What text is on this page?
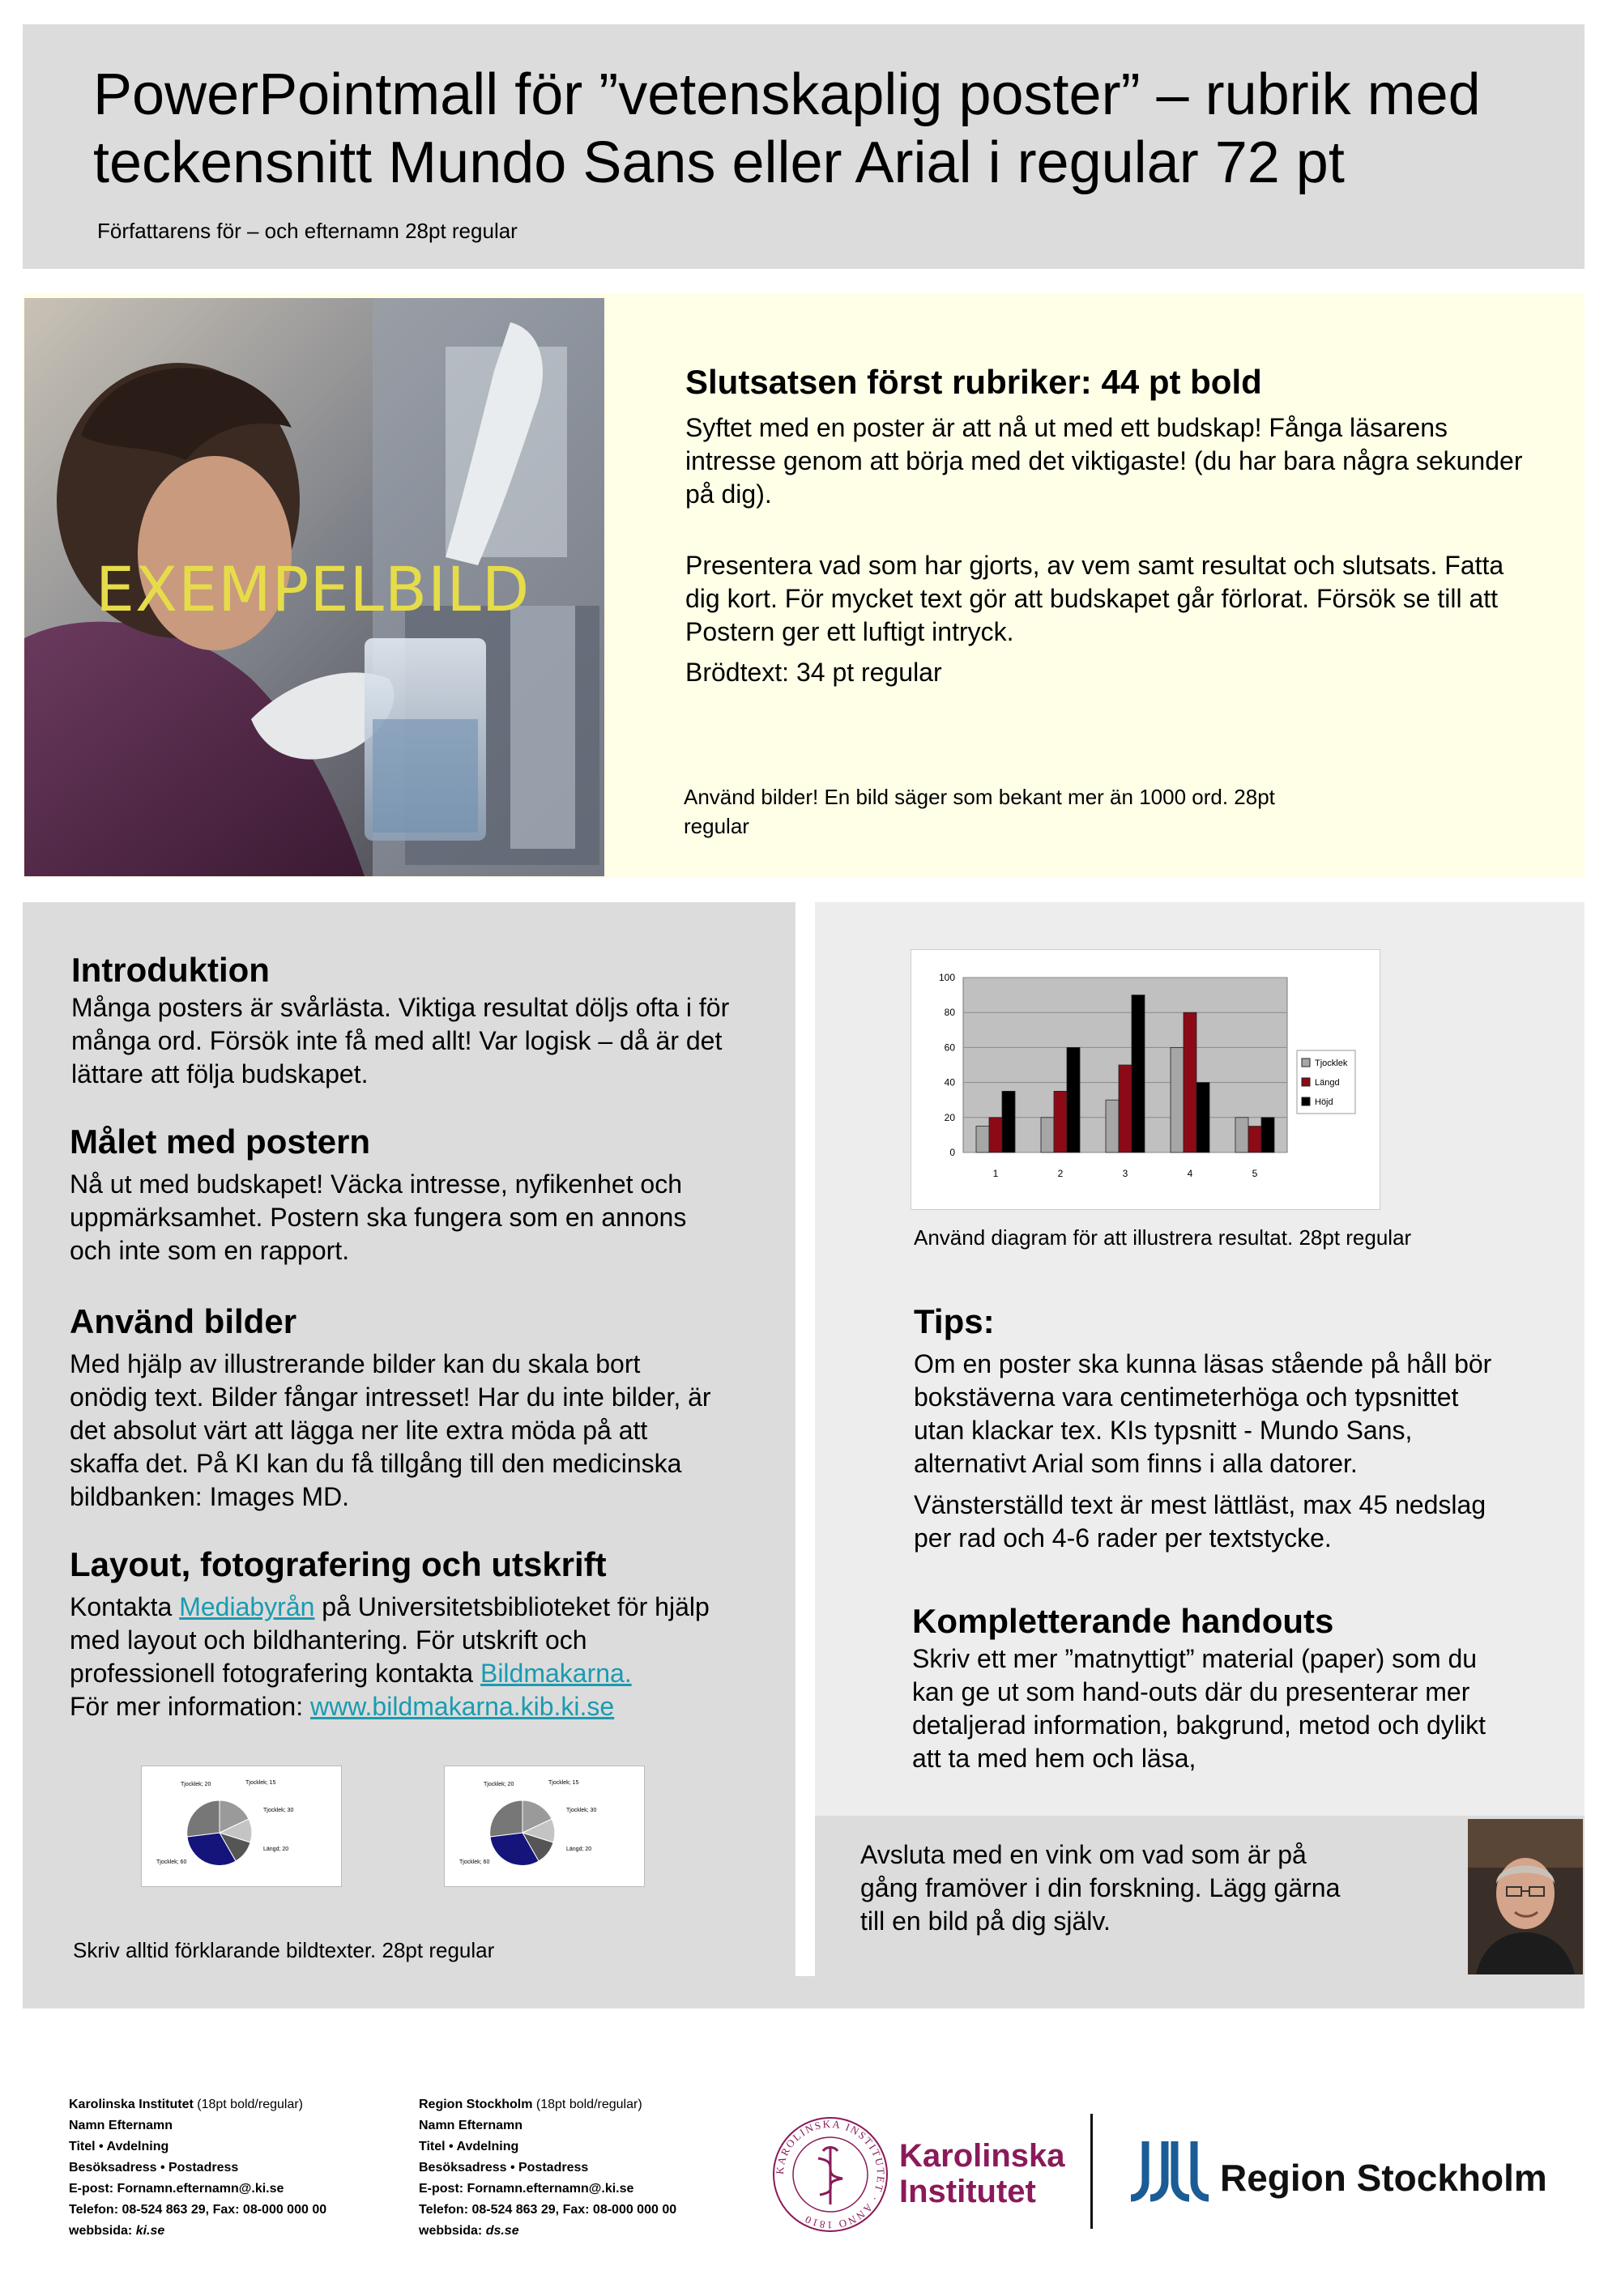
PowerPointmall för ”vetenskaplig poster” – rubrik med teckensnitt Mundo Sans eller Arial i regular 72 pt
Författarens för – och efternamn 28pt regular
EXEMPELBILD
Slutsatsen först rubriker: 44 pt bold
Syftet med en poster är att nå ut med ett budskap! Fånga läsarens intresse genom att börja med det viktigaste! (du har bara några sekunder på dig).
Presentera vad som har gjorts, av vem samt resultat och slutsats. Fatta dig kort. För mycket text gör att budskapet går förlorat. Försök se till att Postern ger ett luftigt intryck.
Brödtext: 34 pt regular
Använd bilder! En bild säger som bekant mer än 1000 ord. 28pt regular
Introduktion
Många posters är svårlästa. Viktiga resultat döljs ofta i för många ord. Försök inte få med allt! Var logisk – då är det lättare att följa budskapet.
Målet med postern
Nå ut med budskapet! Väcka intresse, nyfikenhet och uppmärksamhet. Postern ska fungera som en annons och inte som en rapport.
Använd bilder
Med hjälp av illustrerande bilder kan du skala bort onödig text. Bilder fångar intresset! Har du inte bilder, är det absolut värt att lägga ner lite extra möda på att skaffa det. På KI kan du få tillgång till den medicinska bildbanken: Images MD.
Layout, fotografering och utskrift
Kontakta Mediabyrån på Universitetsbiblioteket för hjälp med layout och bildhantering. För utskrift och professionell fotografering kontakta Bildmakarna.
För mer information: www.bildmakarna.kib.ki.se
Tjocklek; 20	Tjocklek; 15
Tjocklek; 30
Längd; 20
Tjocklek; 60
Tjocklek; 20	Tjocklek; 15
Tjocklek; 30
Längd; 20
Tjocklek; 60
Skriv alltid förklarande bildtexter. 28pt regular
0
20
40
60
80
100
1	2	3	4	5
Tjocklek
Längd
Höjd
Använd diagram för att illustrera resultat. 28pt regular
Tips:
Om en poster ska kunna läsas stående på håll bör bokstäverna vara centimeterhöga och typsnittet utan klackar tex. KIs typsnitt - Mundo Sans, alternativt Arial som finns i alla datorer.
Vänsterställd text är mest lättläst, max 45 nedslag per rad och 4-6 rader per textstycke.
Kompletterande handouts
Skriv ett mer ”matnyttigt” material (paper) som du kan ge ut som hand-outs där du presenterar mer detaljerad information, bakgrund, metod och dylikt att ta med hem och läsa,
Avsluta med en vink om vad som är på gång framöver i din forskning. Lägg gärna till en bild på dig själv.
Karolinska Institutet (18pt bold/regular)
Namn Efternamn
Titel • Avdelning
Besöksadress • Postadress
E-post: Fornamn.efternamn@.ki.se
Telefon: 08-524 863 29, Fax: 08-000 000 00
webbsida: ki.se
Region Stockholm (18pt bold/regular)
Namn Efternamn
Titel • Avdelning
Besöksadress • Postadress
E-post: Fornamn.efternamn@.ki.se
Telefon: 08-524 863 29, Fax: 08-000 000 00
webbsida: ds.se
KAROLINSKA INSTITUTET · ANNO 1810
Karolinska
Institutet	Region Stockholm
